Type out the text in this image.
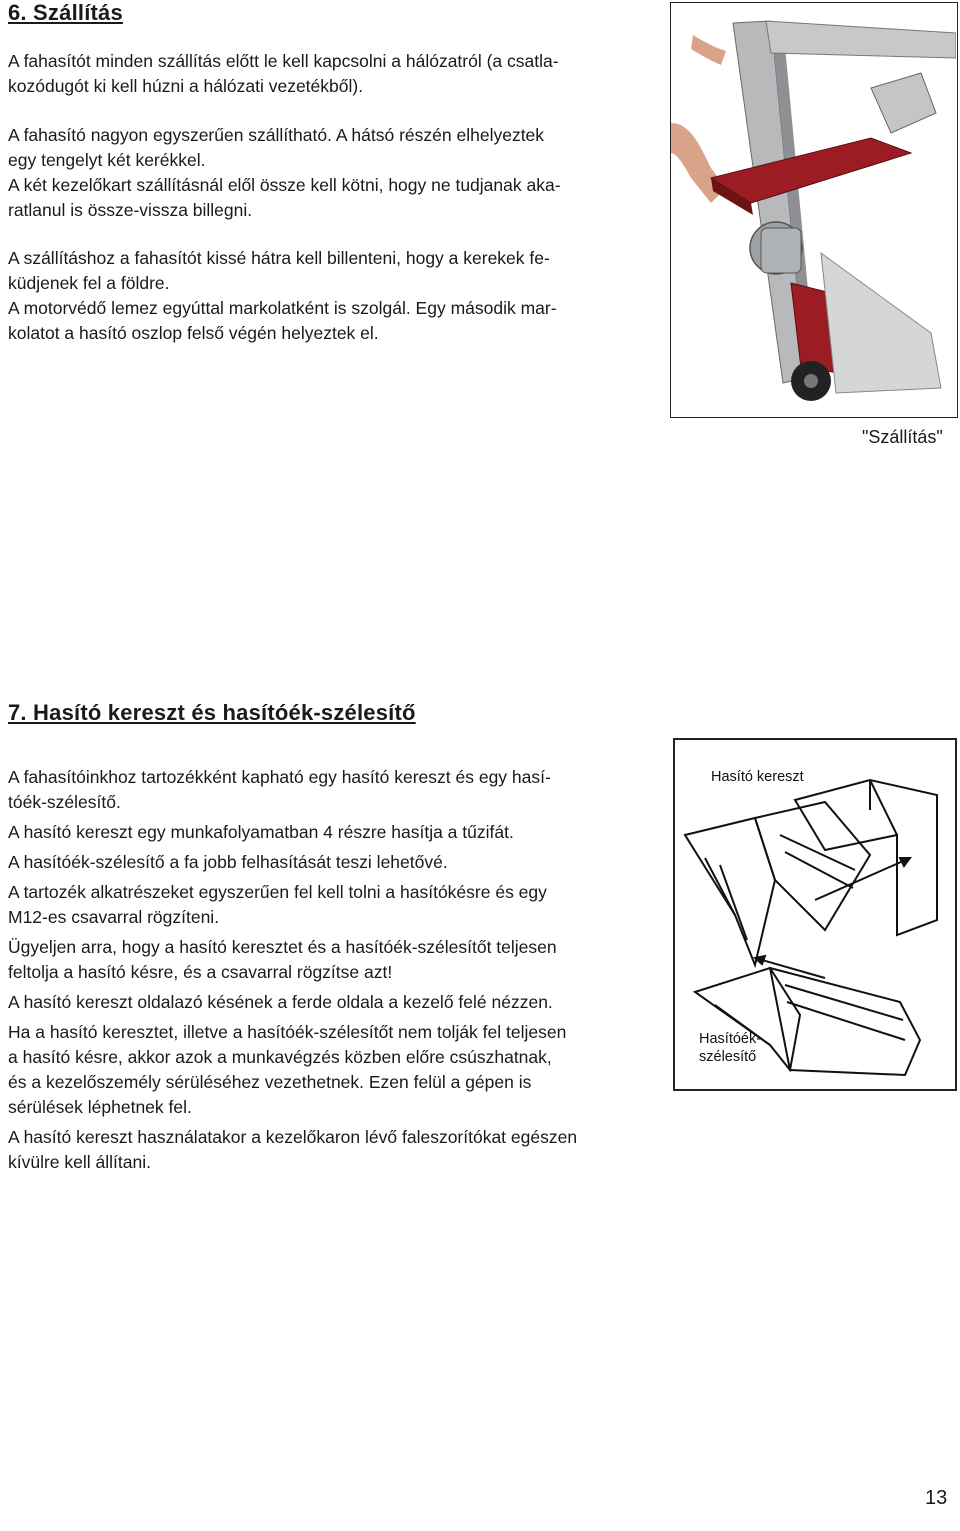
6. Szállítás
A fahasítót minden szállítás előtt le kell kapcsolni a hálózatról (a csatla-
kozódugót ki kell húzni a hálózati vezetékből).
A fahasító nagyon egyszerűen szállítható. A hátsó részén elhelyeztek
egy tengelyt két kerékkel.
A két kezelőkart szállításnál elől össze kell kötni, hogy ne tudjanak aka-
ratlanul is össze-vissza billegni.
A szállításhoz a fahasítót kissé hátra kell billenteni, hogy a kerekek fe-
küdjenek fel a földre.
A motorvédő lemez egyúttal markolatként is szolgál. Egy második mar-
kolatot a hasító oszlop felső végén helyeztek el.
"Szállítás"
7. Hasító kereszt és hasítóék-szélesítő
A fahasítóinkhoz tartozékként kapható egy hasító kereszt és egy hasí-
tóék-szélesítő.
A hasító kereszt egy munkafolyamatban 4 részre hasítja a tűzifát.
A hasítóék-szélesítő a fa jobb felhasítását teszi lehetővé.
A tartozék alkatrészeket egyszerűen fel kell tolni a hasítókésre és egy
M12-es csavarral rögzíteni.
Ügyeljen arra, hogy a hasító keresztet és a hasítóék-szélesítőt teljesen
feltolja a hasító késre, és a csavarral rögzítse azt!
A hasító kereszt oldalazó késének a ferde oldala a kezelő felé nézzen.
Ha a hasító keresztet, illetve a hasítóék-szélesítőt nem tolják fel teljesen
a hasító késre, akkor azok a munkavégzés közben előre csúszhatnak,
és a kezelőszemély sérüléséhez vezethetnek. Ezen felül a gépen is
sérülések léphetnek fel.
A hasító kereszt használatakor a kezelőkaron lévő faleszorítókat egészen
kívülre kell állítani.
Hasító kereszt
Hasítóék-
szélesítő
13
